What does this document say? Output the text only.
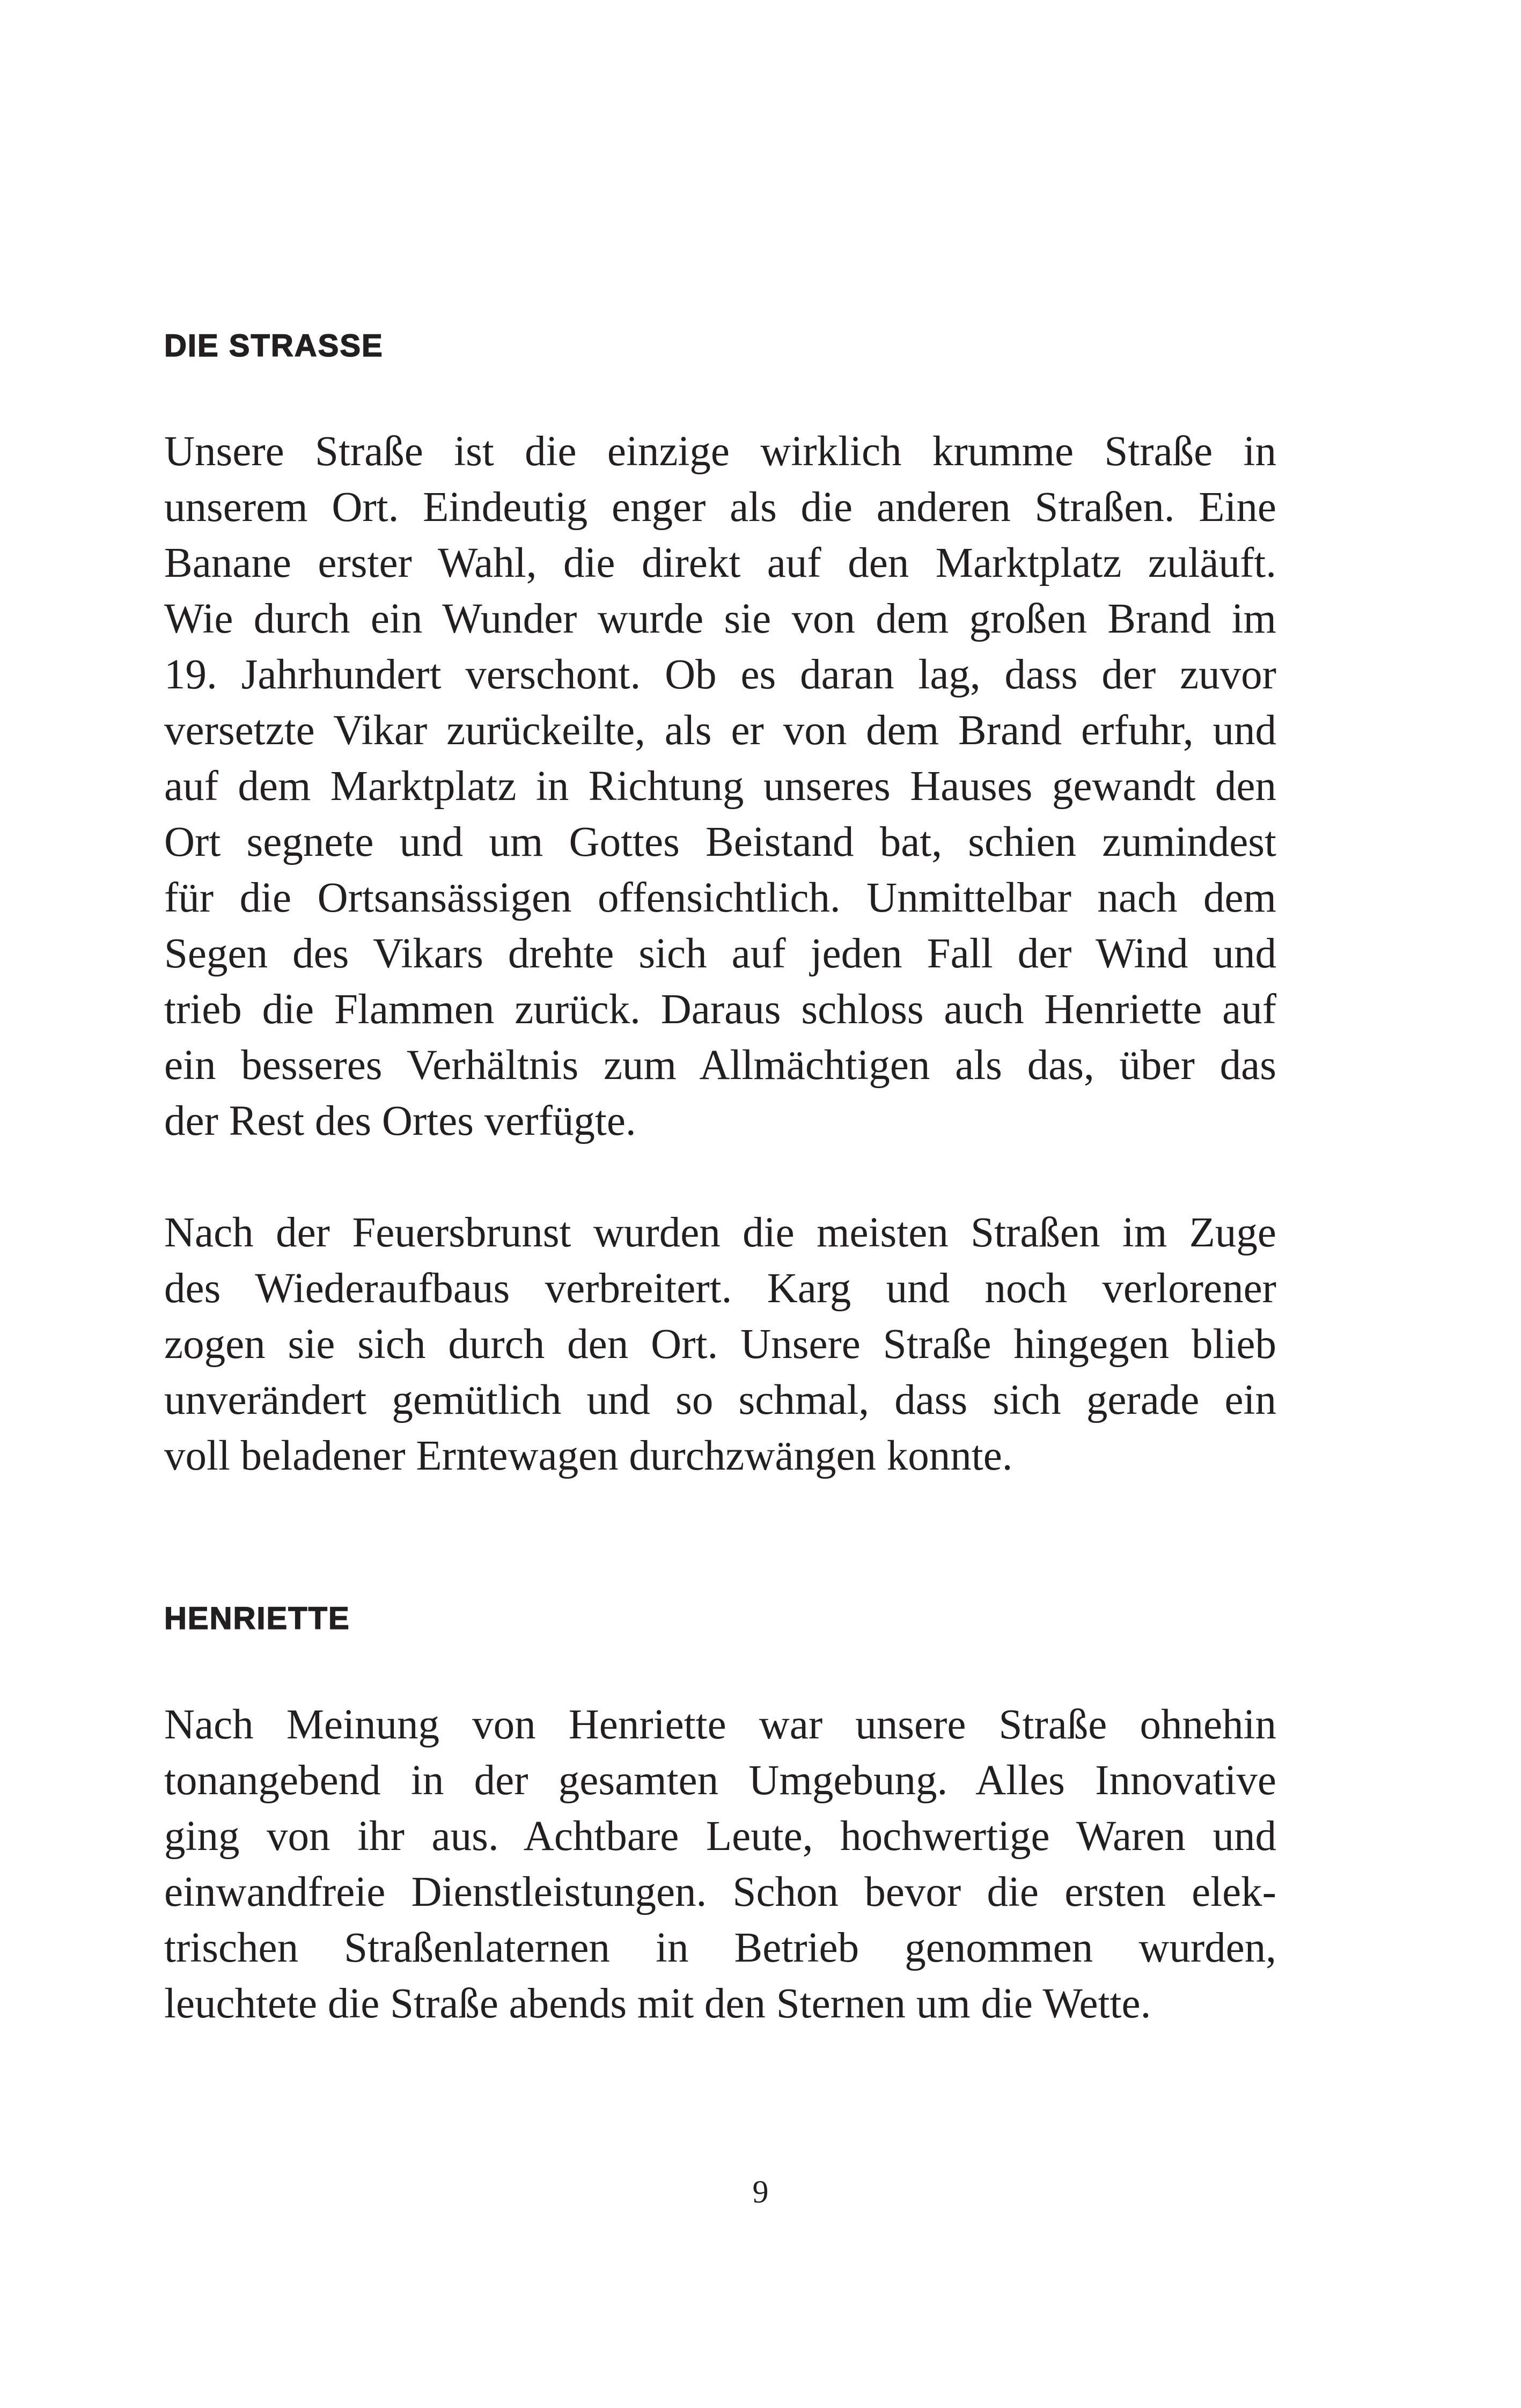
DIE STRASSE
Unsere Straße ist die einzige wirklich krumme Straße in
unserem Ort. Eindeutig enger als die anderen Straßen. Eine
Banane erster Wahl, die direkt auf den Marktplatz zuläuft.
Wie durch ein Wunder wurde sie von dem großen Brand im
19. Jahrhundert verschont. Ob es daran lag, dass der zuvor
versetzte Vikar zurückeilte, als er von dem Brand erfuhr, und
auf dem Marktplatz in Richtung unseres Hauses gewandt den
Ort segnete und um Gottes Beistand bat, schien zumindest
für die Ortsansässigen offensichtlich. Unmittelbar nach dem
Segen des Vikars drehte sich auf jeden Fall der Wind und
trieb die Flammen zurück. Daraus schloss auch Henriette auf
ein besseres Verhältnis zum Allmächtigen als das, über das
der Rest des Ortes verfügte.
Nach der Feuersbrunst wurden die meisten Straßen im Zuge
des Wiederaufbaus verbreitert. Karg und noch verlorener
zogen sie sich durch den Ort. Unsere Straße hingegen blieb
unverändert gemütlich und so schmal, dass sich gerade ein
voll beladener Erntewagen durchzwängen konnte.
HENRIETTE
Nach Meinung von Henriette war unsere Straße ohnehin
tonangebend in der gesamten Umgebung. Alles Innovative
ging von ihr aus. Achtbare Leute, hochwertige Waren und
einwandfreie Dienstleistungen. Schon bevor die ersten elek-
trischen Straßenlaternen in Betrieb genommen wurden,
leuchtete die Straße abends mit den Sternen um die Wette.
9
